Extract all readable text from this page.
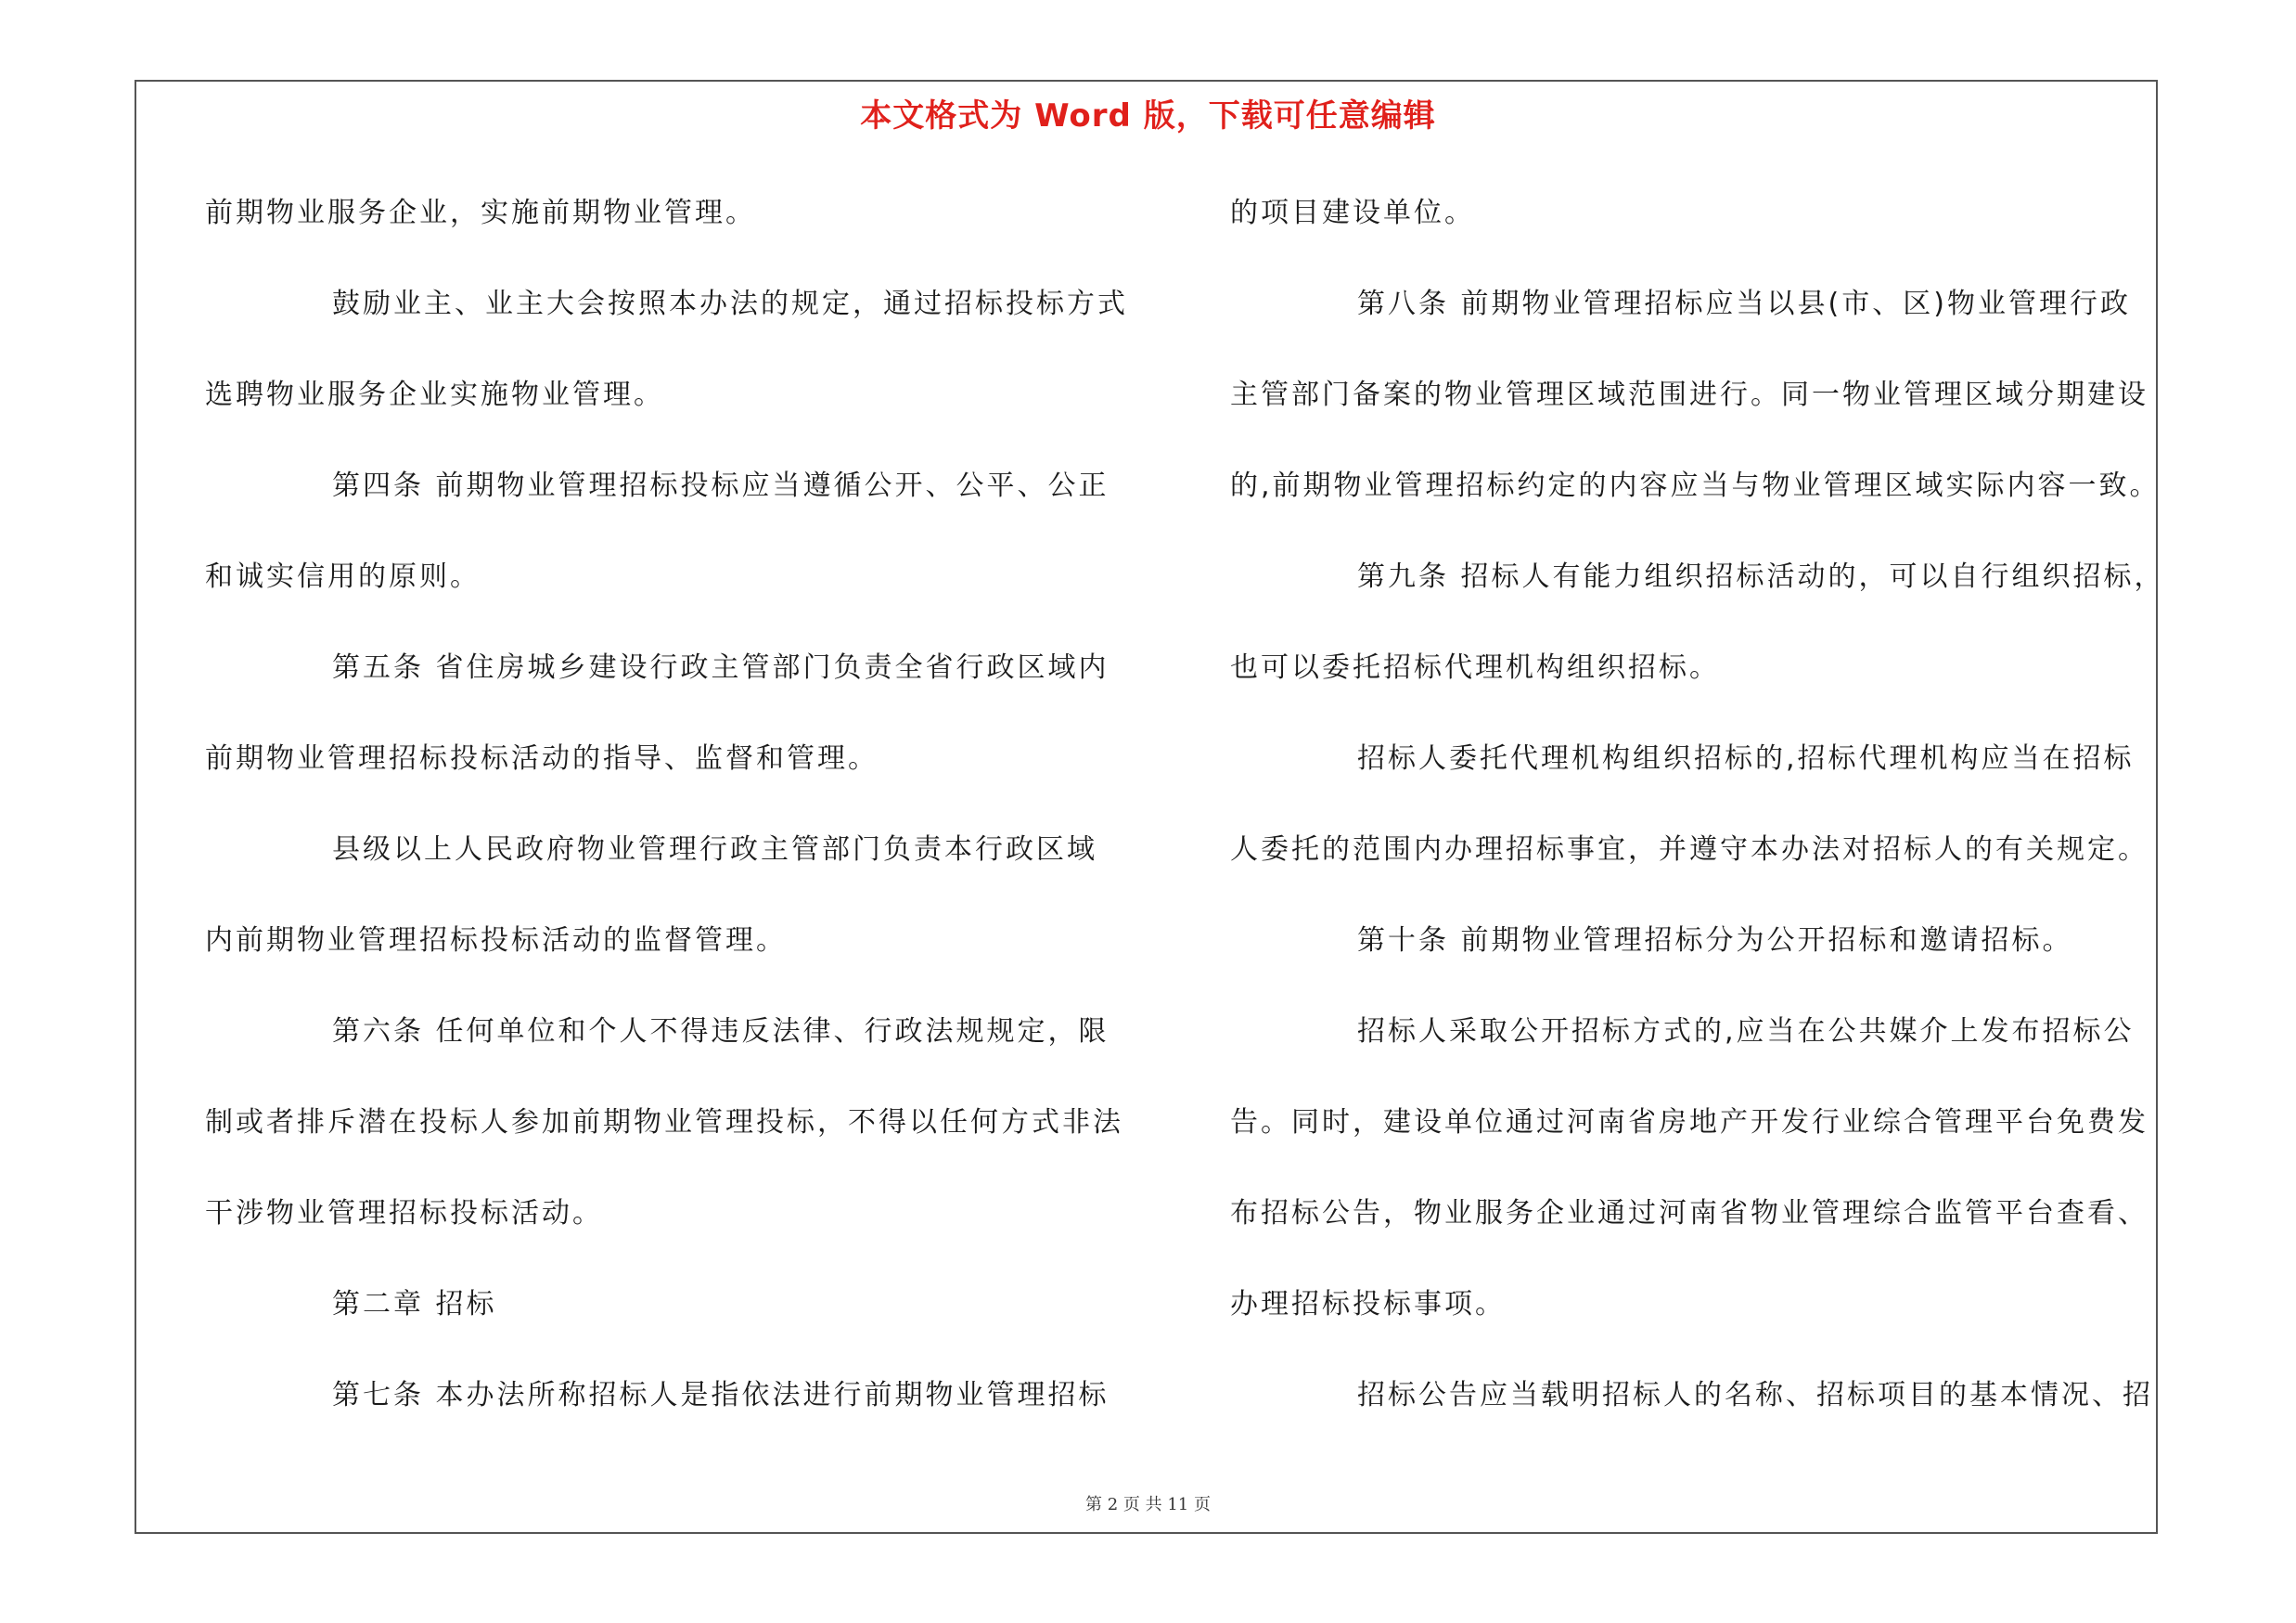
本文格式为 Word 版，下载可任意编辑
前期物业服务企业，实施前期物业管理。
鼓励业主、业主大会按照本办法的规定，通过招标投标方式
选聘物业服务企业实施物业管理。
第四条 前期物业管理招标投标应当遵循公开、公平、公正
和诚实信用的原则。
第五条 省住房城乡建设行政主管部门负责全省行政区域内
前期物业管理招标投标活动的指导、监督和管理。
县级以上人民政府物业管理行政主管部门负责本行政区域
内前期物业管理招标投标活动的监督管理。
第六条 任何单位和个人不得违反法律、行政法规规定，限
制或者排斥潜在投标人参加前期物业管理投标，不得以任何方式非法
干涉物业管理招标投标活动。
第二章 招标
第七条 本办法所称招标人是指依法进行前期物业管理招标
的项目建设单位。
第八条 前期物业管理招标应当以县(市、区)物业管理行政
主管部门备案的物业管理区域范围进行。同一物业管理区域分期建设
的,前期物业管理招标约定的内容应当与物业管理区域实际内容一致。
第九条 招标人有能力组织招标活动的，可以自行组织招标，
也可以委托招标代理机构组织招标。
招标人委托代理机构组织招标的,招标代理机构应当在招标
人委托的范围内办理招标事宜，并遵守本办法对招标人的有关规定。
第十条 前期物业管理招标分为公开招标和邀请招标。
招标人采取公开招标方式的,应当在公共媒介上发布招标公
告。同时，建设单位通过河南省房地产开发行业综合管理平台免费发
布招标公告，物业服务企业通过河南省物业管理综合监管平台查看、
办理招标投标事项。
招标公告应当载明招标人的名称、招标项目的基本情况、招
第 2 页 共 11 页
